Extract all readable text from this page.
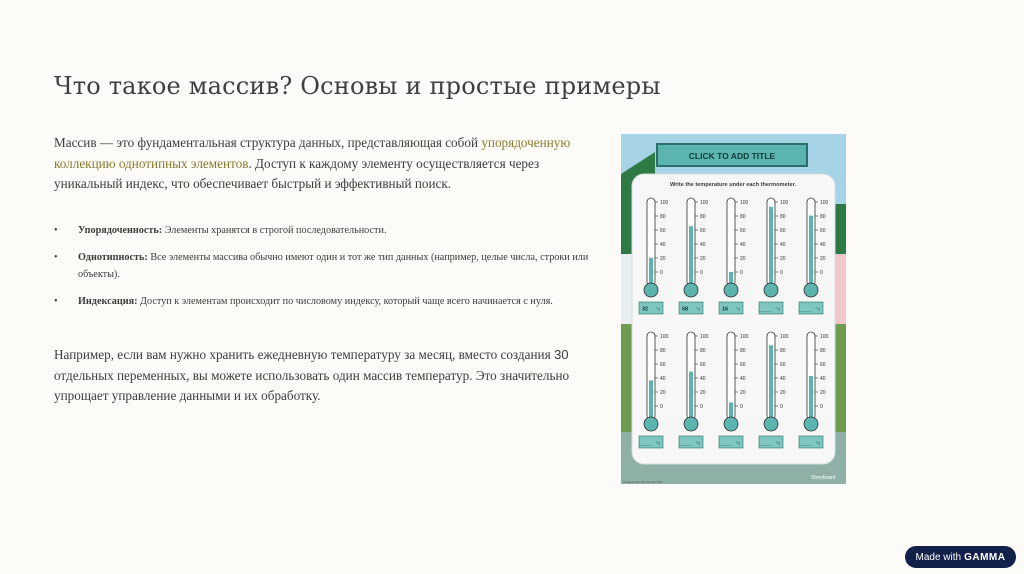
Что такое массив? Основы и простые примеры

Массив — это фундаментальная структура данных, представляющая собой упорядоченную коллекцию однотипных элементов. Доступ к каждому элементу осуществляется через уникальный индекс, что обеспечивает быстрый и эффективный поиск.

• Упорядоченность: Элементы хранятся в строгой последовательности.
• Однотипность: Все элементы массива обычно имеют один и тот же тип данных (например, целые числа, строки или объекты).
• Индексация: Доступ к элементам происходит по числовому индексу, который чаще всего начинается с нуля.

Например, если вам нужно хранить ежедневную температуру за месяц, вместо создания 30 отдельных переменных, вы можете использовать один массив температур. Это значительно упрощает управление данными и их обработку.

CLICK TO ADD TITLE
Write the temperature under each thermometer.
100
80
60
40
20
0
32 °c
100
80
60
40
20
0
68 °c
100
80
60
40
20
0
16 °c
100
80
60
40
20
0
____ °c
100
80
60
40
20
0
____ °c
100
80
60
40
20
0
____ °c
100
80
60
40
20
0
____ °c
100
80
60
40
20
0
____ °c
100
80
60
40
20
0
____ °c
100
80
60
40
20
0
____ °c
Storyboard
Created with Storyboard That
Made with GAMMA
